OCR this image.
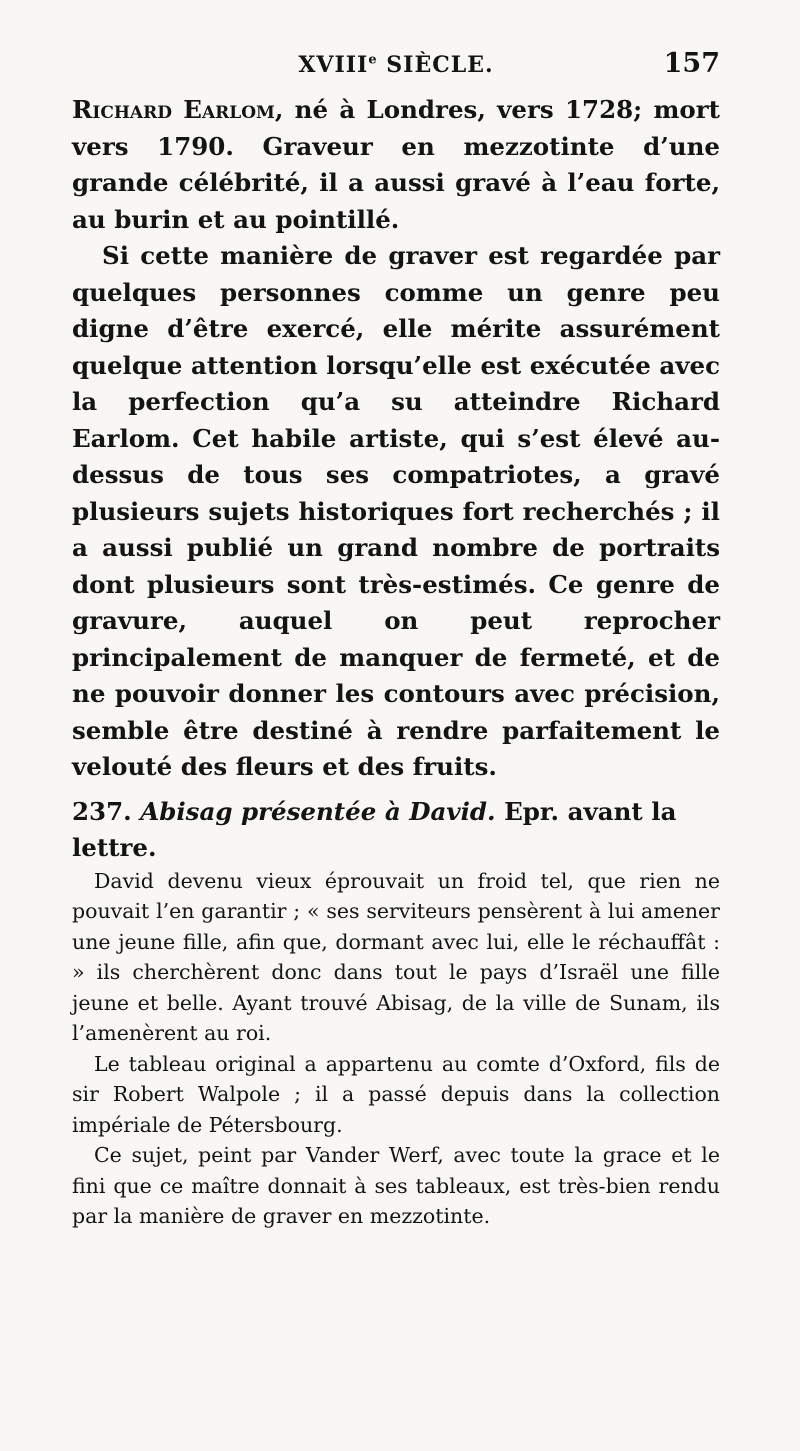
XVIIIe SIÈCLE.	157

Richard Earlom, né à Londres, vers 1728; mort vers 1790. Graveur en mezzotinte d’une grande célébrité, il a aussi gravé à l’eau forte, au burin et au pointillé.

Si cette manière de graver est regardée par quelques personnes comme un genre peu digne d’être exercé, elle mérite assurément quelque attention lorsqu’elle est exécutée avec la perfection qu’a su atteindre Richard Earlom. Cet habile artiste, qui s’est élevé au-dessus de tous ses compatriotes, a gravé plusieurs sujets historiques fort recherchés ; il a aussi publié un grand nombre de portraits dont plusieurs sont très-estimés. Ce genre de gravure, auquel on peut reprocher principalement de manquer de fermeté, et de ne pouvoir donner les contours avec précision, semble être destiné à rendre parfaitement le velouté des fleurs et des fruits.

237. Abisag présentée à David. Epr. avant la lettre.

David devenu vieux éprouvait un froid tel, que rien ne pouvait l’en garantir ; « ses serviteurs pensèrent à lui amener une jeune fille, afin que, dormant avec lui, elle le réchauffât : » ils cherchèrent donc dans tout le pays d’Israël une fille jeune et belle. Ayant trouvé Abisag, de la ville de Sunam, ils l’amenèrent au roi.

Le tableau original a appartenu au comte d’Oxford, fils de sir Robert Walpole ; il a passé depuis dans la collection impériale de Pétersbourg.

Ce sujet, peint par Vander Werf, avec toute la grace et le fini que ce maître donnait à ses tableaux, est très-bien rendu par la manière de graver en mezzotinte.
